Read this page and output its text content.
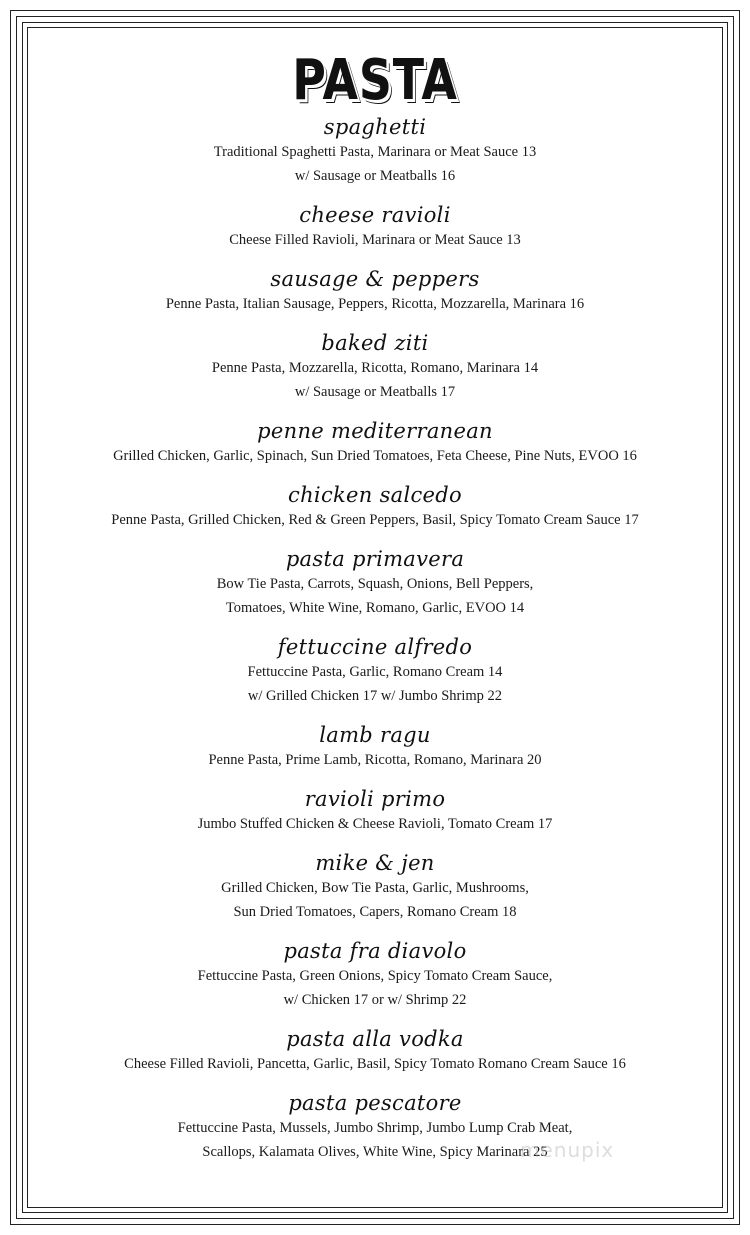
PASTA
spaghetti
Traditional Spaghetti Pasta, Marinara or Meat Sauce 13
w/ Sausage or Meatballs 16
cheese ravioli
Cheese Filled Ravioli, Marinara or Meat Sauce 13
sausage & peppers
Penne Pasta, Italian Sausage, Peppers, Ricotta, Mozzarella, Marinara 16
baked ziti
Penne Pasta, Mozzarella, Ricotta, Romano, Marinara 14
w/ Sausage or Meatballs 17
penne mediterranean
Grilled Chicken, Garlic, Spinach, Sun Dried Tomatoes, Feta Cheese, Pine Nuts, EVOO 16
chicken salcedo
Penne Pasta, Grilled Chicken, Red & Green Peppers, Basil, Spicy Tomato Cream Sauce 17
pasta primavera
Bow Tie Pasta, Carrots, Squash, Onions, Bell Peppers,
Tomatoes, White Wine, Romano, Garlic, EVOO 14
fettuccine alfredo
Fettuccine Pasta, Garlic, Romano Cream 14
w/ Grilled Chicken 17 w/ Jumbo Shrimp 22
lamb ragu
Penne Pasta, Prime Lamb, Ricotta, Romano, Marinara 20
ravioli primo
Jumbo Stuffed Chicken & Cheese Ravioli, Tomato Cream 17
mike & jen
Grilled Chicken, Bow Tie Pasta, Garlic, Mushrooms,
Sun Dried Tomatoes, Capers, Romano Cream 18
pasta fra diavolo
Fettuccine Pasta, Green Onions, Spicy Tomato Cream Sauce,
w/ Chicken 17 or w/ Shrimp 22
pasta alla vodka
Cheese Filled Ravioli, Pancetta, Garlic, Basil, Spicy Tomato Romano Cream Sauce 16
pasta pescatore
Fettuccine Pasta, Mussels, Jumbo Shrimp, Jumbo Lump Crab Meat,
Scallops, Kalamata Olives, White Wine, Spicy Marinara 25
menupix
